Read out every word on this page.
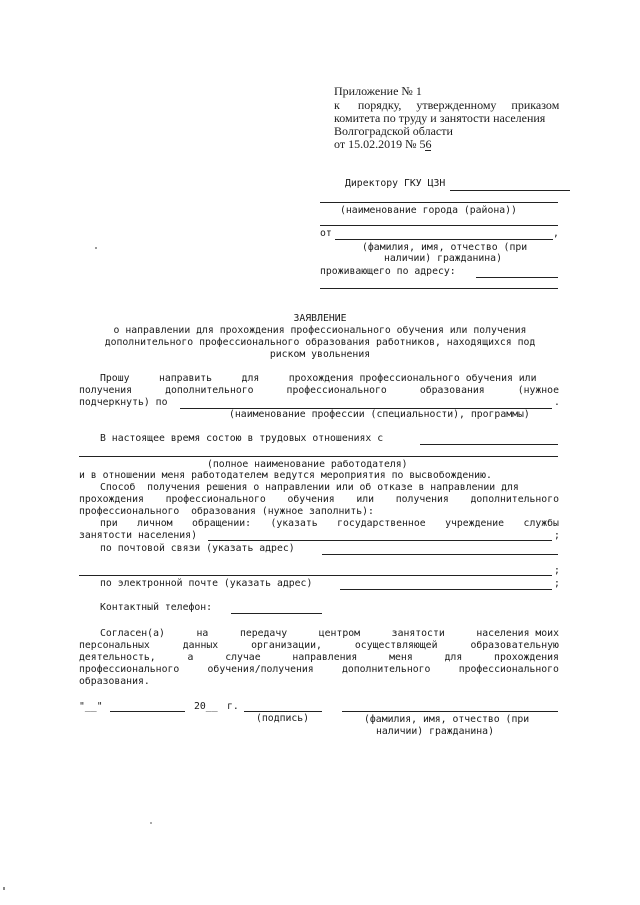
Приложение № 1
к      порядку,     утвержденному     приказом
комитета по труду и занятости населения
Волгоградской области
от 15.02.2019 № 56
Директору ГКУ ЦЗН
(наименование города (района))
от	,
(фамилия, имя, отчество (при
наличии) гражданина)
проживающего по адресу:
ЗАЯВЛЕНИЕ
о направлении для прохождения профессионального обучения или получения
дополнительного профессионального образования работников, находящихся под
риском увольнения
Прошу     направить     для     прохождения профессионального обучения или
получения	дополнительного	профессионального	образования	(нужное
подчеркнуть) по	.
(наименование профессии (специальности), программы)
В настоящее время состою в трудовых отношениях с
(полное наименование работодателя)
и в отношении меня работодателем ведутся мероприятия по высвобождению.
Способ  получения решения о направлении или об отказе в направлении для
прохождения профессионального обучения или получения дополнительного
профессионального  образования (нужное заполнить):
при личном обращении: (указать государственное учреждение службы
занятости населения)	;
по почтовой связи (указать адрес)
;
по электронной почте (указать адрес)	;
Контактный телефон:
Согласен(а)	на	передачу	центром	занятости	населения моих
персональных	данных	организации,	осуществляющей	образовательную
деятельность,	а	случае	направления	меня	для	прохождения
профессионального	обучения/получения	дополнительного	профессионального
образования.
"__"	20__ г.
(подпись)	(фамилия, имя, отчество (при
наличии) гражданина)
